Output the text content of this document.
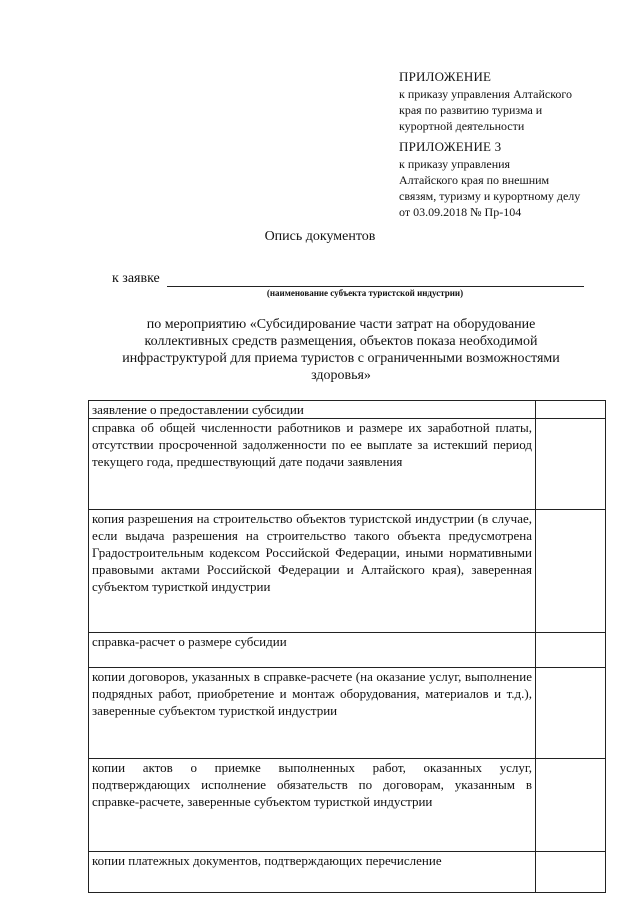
ПРИЛОЖЕНИЕ
к приказу управления Алтайского
края по развитию туризма и
курортной деятельности
ПРИЛОЖЕНИЕ 3
к приказу управления
Алтайского края по внешним
связям, туризму и курортному делу
от 03.09.2018 № Пр-104
Опись документов
к заявке
(наименование субъекта туристской индустрии)
по мероприятию «Субсидирование части затрат на оборудование коллективных средств размещения, объектов показа необходимой инфраструктурой для приема туристов с ограниченными возможностями здоровья»
заявление о предоставлении субсидии	

справка об общей численности работников и размере их заработной платы, отсутствии просроченной задолженности по ее выплате за истекший период текущего года, предшествующий дате подачи заявления	

копия разрешения на строительство объектов туристской индустрии (в случае, если выдача разрешения на строительство такого объекта предусмотрена Градостроительным кодексом Российской Федерации, иными нормативными правовыми актами Российской Федерации и Алтайского края), заверенная субъектом туристкой индустрии	

справка-расчет о размере субсидии	

копии договоров, указанных в справке-расчете (на оказание услуг, выполнение подрядных работ, приобретение и монтаж оборудования, материалов и т.д.), заверенные субъектом туристкой индустрии	

копии актов о приемке выполненных работ, оказанных услуг, подтверждающих исполнение обязательств по договорам, указанным в справке-расчете, заверенные субъектом туристкой индустрии	

копии платежных документов, подтверждающих перечисление	
